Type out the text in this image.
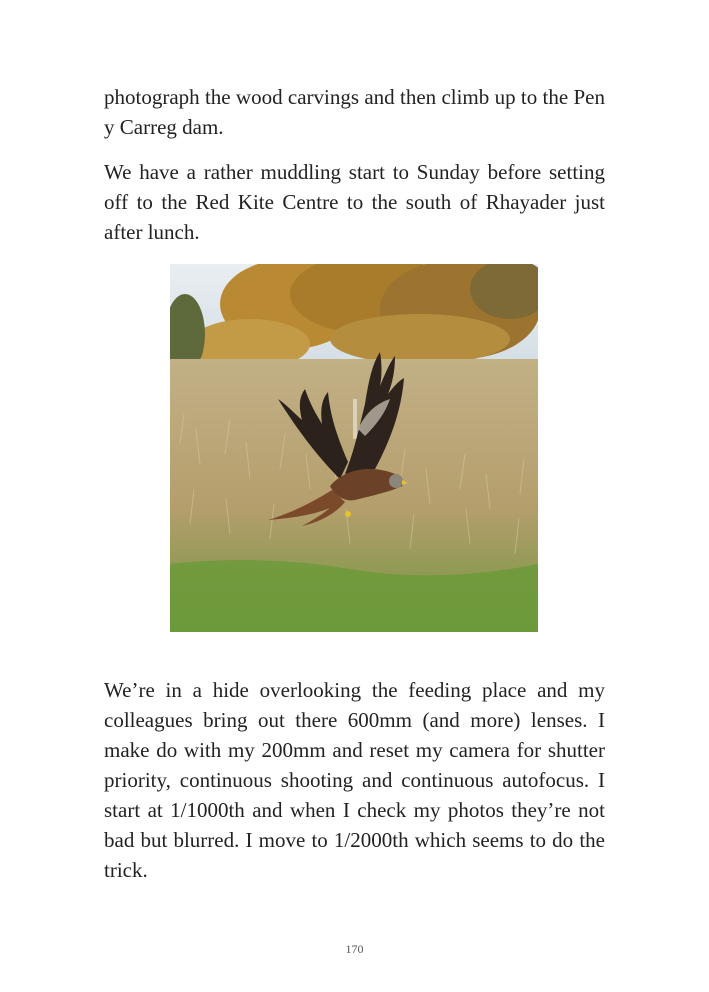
photograph the wood carvings and then climb up to the Pen y Carreg dam.

We have a rather muddling start to Sunday before setting off to the Red Kite Centre to the south of Rhayader just after lunch.

We’re in a hide overlooking the feeding place and my colleagues bring out there 600mm (and more) lenses. I make do with my 200mm and reset my camera for shutter priority, continuous shooting and continuous autofocus. I start at 1/1000th and when I check my photos they’re not bad but blurred. I move to 1/2000th which seems to do the trick.

170
